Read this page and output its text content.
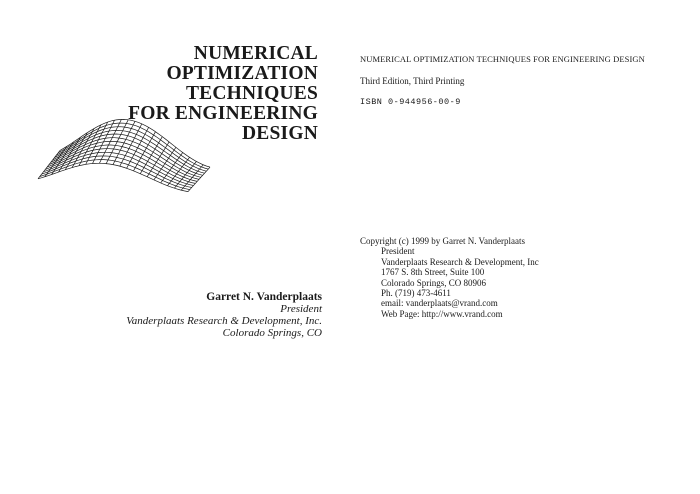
NUMERICAL
OPTIMIZATION
TECHNIQUES
FOR ENGINEERING
DESIGN
Garret N. Vanderplaats
President
Vanderplaats Research & Development, Inc.
Colorado Springs, CO
NUMERICAL OPTIMIZATION TECHNIQUES FOR ENGINEERING DESIGN
Third Edition, Third Printing
ISBN 0-944956-00-9
Copyright (c) 1999 by Garret N. Vanderplaats
President
Vanderplaats Research & Development, Inc
1767 S. 8th Street, Suite 100
Colorado Springs, CO 80906
Ph. (719) 473-4611
email: vanderplaats@vrand.com
Web Page: http://www.vrand.com
